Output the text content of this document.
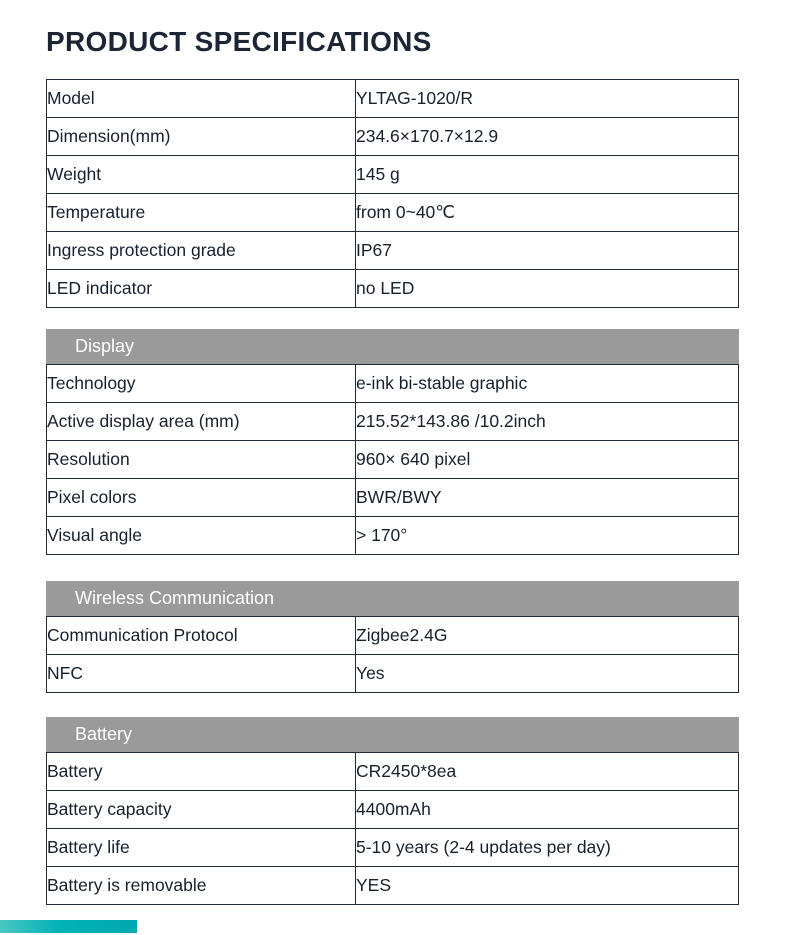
PRODUCT SPECIFICATIONS
Model	YLTAG-1020/R
Dimension(mm)	234.6×170.7×12.9
Weight	145 g
Temperature	from 0~40℃
Ingress protection grade	IP67
LED indicator	no LED
Display
Technology	e-ink bi-stable graphic
Active display area (mm)	215.52*143.86 /10.2inch
Resolution	960× 640 pixel
Pixel colors	BWR/BWY
Visual angle	> 170°
Wireless Communication
Communication Protocol	Zigbee2.4G
NFC	Yes
Battery
Battery	CR2450*8ea
Battery capacity	4400mAh
Battery life	5-10 years (2-4 updates per day)
Battery is removable	YES
